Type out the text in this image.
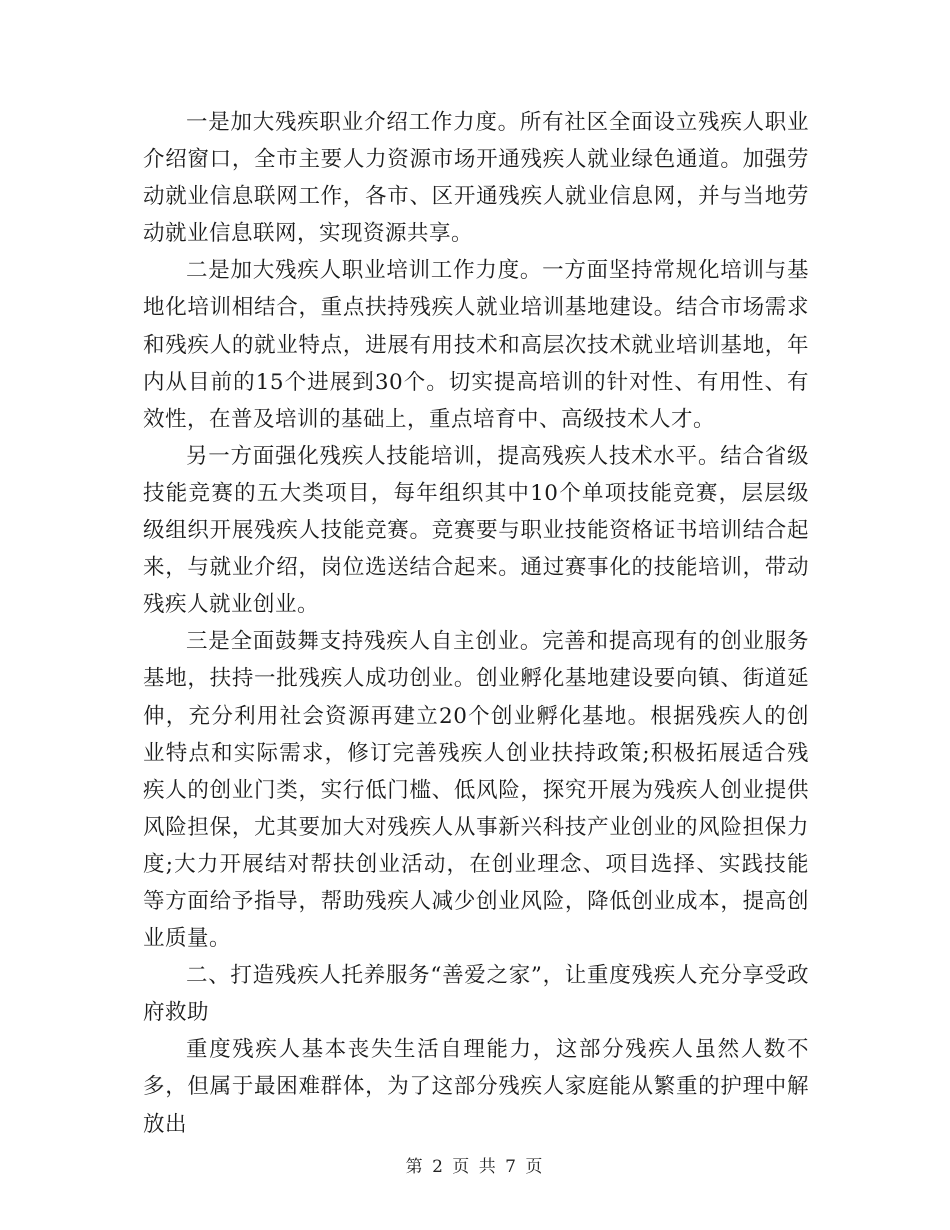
一是加大残疾职业介绍工作力度。所有社区全面设立残疾人职业介绍窗口，全市主要人力资源市场开通残疾人就业绿色通道。加强劳动就业信息联网工作，各市、区开通残疾人就业信息网，并与当地劳动就业信息联网，实现资源共享。

二是加大残疾人职业培训工作力度。一方面坚持常规化培训与基地化培训相结合，重点扶持残疾人就业培训基地建设。结合市场需求和残疾人的就业特点，进展有用技术和高层次技术就业培训基地，年内从目前的15个进展到30个。切实提高培训的针对性、有用性、有效性，在普及培训的基础上，重点培育中、高级技术人才。

另一方面强化残疾人技能培训，提高残疾人技术水平。结合省级技能竞赛的五大类项目，每年组织其中10个单项技能竞赛，层层级级组织开展残疾人技能竞赛。竞赛要与职业技能资格证书培训结合起来，与就业介绍，岗位选送结合起来。通过赛事化的技能培训，带动残疾人就业创业。

三是全面鼓舞支持残疾人自主创业。完善和提高现有的创业服务基地，扶持一批残疾人成功创业。创业孵化基地建设要向镇、街道延伸，充分利用社会资源再建立20个创业孵化基地。根据残疾人的创业特点和实际需求，修订完善残疾人创业扶持政策;积极拓展适合残疾人的创业门类，实行低门槛、低风险，探究开展为残疾人创业提供风险担保，尤其要加大对残疾人从事新兴科技产业创业的风险担保力度;大力开展结对帮扶创业活动，在创业理念、项目选择、实践技能等方面给予指导，帮助残疾人减少创业风险，降低创业成本，提高创业质量。

二、打造残疾人托养服务“善爱之家”，让重度残疾人充分享受政府救助

重度残疾人基本丧失生活自理能力，这部分残疾人虽然人数不多，但属于最困难群体，为了这部分残疾人家庭能从繁重的护理中解放出

第 2 页 共 7 页
